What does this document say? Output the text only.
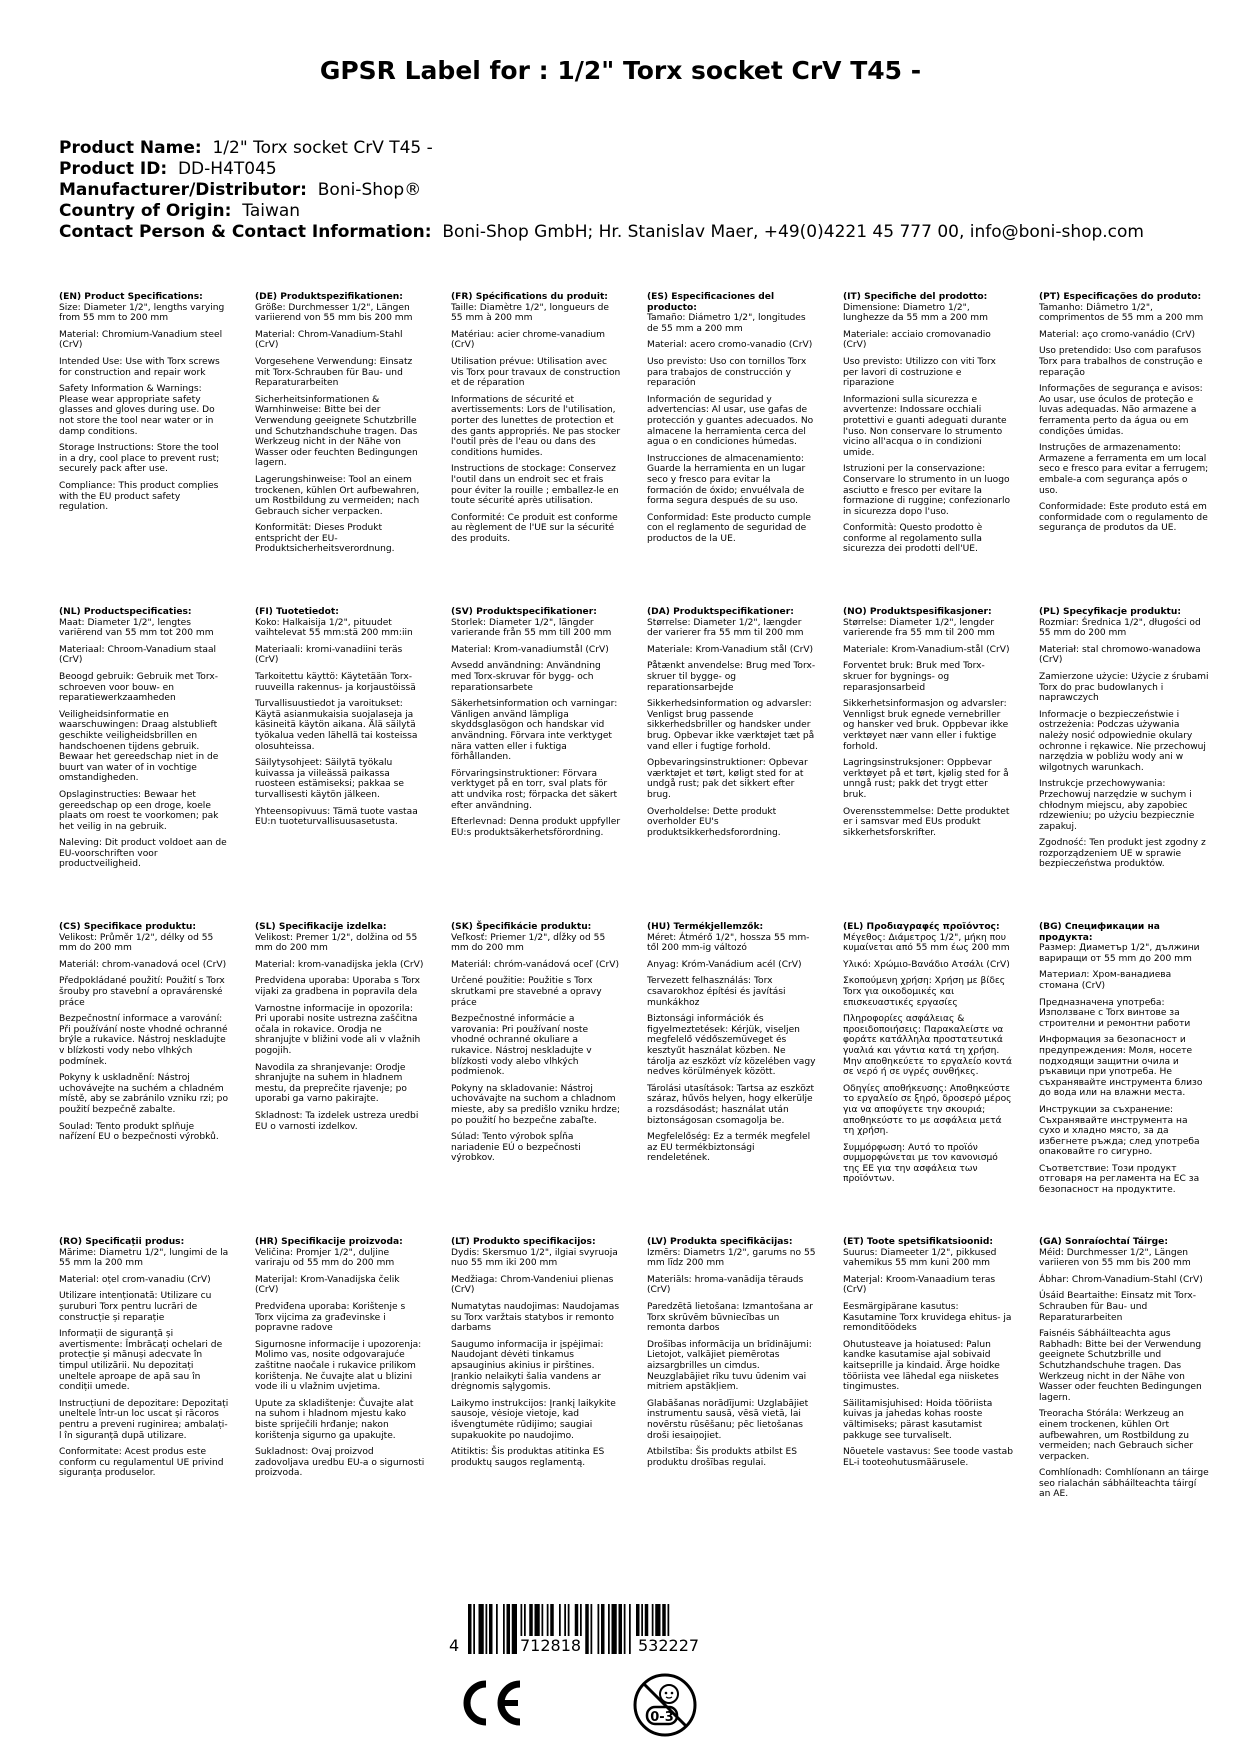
GPSR Label for : 1/2" Torx socket CrV T45 -
Product Name: 1/2" Torx socket CrV T45 -
Product ID: DD-H4T045
Manufacturer/Distributor: Boni-Shop®
Country of Origin: Taiwan
Contact Person & Contact Information: Boni-Shop GmbH; Hr. Stanislav Maer, +49(0)4221 45 777 00, info@boni-shop.com
(EN) Product Specifications:
Size: Diameter 1/2", lengths varying from 55 mm to 200 mm
Material: Chromium-Vanadium steel (CrV)
Intended Use: Use with Torx screws for construction and repair work
Safety Information & Warnings: Please wear appropriate safety glasses and gloves during use. Do not store the tool near water or in damp conditions.
Storage Instructions: Store the tool in a dry, cool place to prevent rust; securely pack after use.
Compliance: This product complies with the EU product safety regulation.
(DE) Produktspezifikationen:
Größe: Durchmesser 1/2", Längen variierend von 55 mm bis 200 mm
Material: Chrom-Vanadium-Stahl (CrV)
Vorgesehene Verwendung: Einsatz mit Torx-Schrauben für Bau- und Reparaturarbeiten
Sicherheitsinformationen & Warnhinweise: Bitte bei der Verwendung geeignete Schutzbrille und Schutzhandschuhe tragen. Das Werkzeug nicht in der Nähe von Wasser oder feuchten Bedingungen lagern.
Lagerungshinweise: Tool an einem trockenen, kühlen Ort aufbewahren, um Rostbildung zu vermeiden; nach Gebrauch sicher verpacken.
Konformität: Dieses Produkt entspricht der EU-Produktsicherheitsverordnung.
(FR) Spécifications du produit:
Taille: Diamètre 1/2", longueurs de 55 mm à 200 mm
Matériau: acier chrome-vanadium (CrV)
Utilisation prévue: Utilisation avec vis Torx pour travaux de construction et de réparation
Informations de sécurité et avertissements: Lors de l'utilisation, porter des lunettes de protection et des gants appropriés. Ne pas stocker l'outil près de l'eau ou dans des conditions humides.
Instructions de stockage: Conservez l'outil dans un endroit sec et frais pour éviter la rouille ; emballez-le en toute sécurité après utilisation.
Conformité: Ce produit est conforme au règlement de l'UE sur la sécurité des produits.
(ES) Especificaciones del producto:
Tamaño: Diámetro 1/2", longitudes de 55 mm a 200 mm
Material: acero cromo-vanadio (CrV)
Uso previsto: Uso con tornillos Torx para trabajos de construcción y reparación
Información de seguridad y advertencias: Al usar, use gafas de protección y guantes adecuados. No almacene la herramienta cerca del agua o en condiciones húmedas.
Instrucciones de almacenamiento: Guarde la herramienta en un lugar seco y fresco para evitar la formación de óxido; envuélvala de forma segura después de su uso.
Conformidad: Este producto cumple con el reglamento de seguridad de productos de la UE.
(IT) Specifiche del prodotto:
Dimensione: Diametro 1/2", lunghezze da 55 mm a 200 mm
Materiale: acciaio cromovanadio (CrV)
Uso previsto: Utilizzo con viti Torx per lavori di costruzione e riparazione
Informazioni sulla sicurezza e avvertenze: Indossare occhiali protettivi e guanti adeguati durante l'uso. Non conservare lo strumento vicino all'acqua o in condizioni umide.
Istruzioni per la conservazione: Conservare lo strumento in un luogo asciutto e fresco per evitare la formazione di ruggine; confezionarlo in sicurezza dopo l'uso.
Conformità: Questo prodotto è conforme al regolamento sulla sicurezza dei prodotti dell'UE.
(PT) Especificações do produto:
Tamanho: Diâmetro 1/2", comprimentos de 55 mm a 200 mm
Material: aço cromo-vanádio (CrV)
Uso pretendido: Uso com parafusos Torx para trabalhos de construção e reparação
Informações de segurança e avisos: Ao usar, use óculos de proteção e luvas adequadas. Não armazene a ferramenta perto da água ou em condições úmidas.
Instruções de armazenamento: Armazene a ferramenta em um local seco e fresco para evitar a ferrugem; embale-a com segurança após o uso.
Conformidade: Este produto está em conformidade com o regulamento de segurança de produtos da UE.
(NL) Productspecificaties:
Maat: Diameter 1/2", lengtes variërend van 55 mm tot 200 mm
Materiaal: Chroom-Vanadium staal (CrV)
Beoogd gebruik: Gebruik met Torx-schroeven voor bouw- en reparatiewerkzaamheden
Veiligheidsinformatie en waarschuwingen: Draag alstublieft geschikte veiligheidsbrillen en handschoenen tijdens gebruik. Bewaar het gereedschap niet in de buurt van water of in vochtige omstandigheden.
Opslaginstructies: Bewaar het gereedschap op een droge, koele plaats om roest te voorkomen; pak het veilig in na gebruik.
Naleving: Dit product voldoet aan de EU-voorschriften voor productveiligheid.
(FI) Tuotetiedot:
Koko: Halkaisija 1/2", pituudet vaihtelevat 55 mm:stä 200 mm:iin
Materiaali: kromi-vanadiini teräs (CrV)
Tarkoitettu käyttö: Käytetään Torx-ruuveilla rakennus- ja korjaustöissä
Turvallisuustiedot ja varoitukset: Käytä asianmukaisia suojalaseja ja käsineitä käytön aikana. Älä säilytä työkalua veden lähellä tai kosteissa olosuhteissa.
Säilytysohjeet: Säilytä työkalu kuivassa ja viileässä paikassa ruosteen estämiseksi; pakkaa se turvallisesti käytön jälkeen.
Yhteensopivuus: Tämä tuote vastaa EU:n tuoteturvallisuusasetusta.
(SV) Produktspecifikationer:
Storlek: Diameter 1/2", längder varierande från 55 mm till 200 mm
Material: Krom-vanadiumstål (CrV)
Avsedd användning: Användning med Torx-skruvar för bygg- och reparationsarbete
Säkerhetsinformation och varningar: Vänligen använd lämpliga skyddsglasögon och handskar vid användning. Förvara inte verktyget nära vatten eller i fuktiga förhållanden.
Förvaringsinstruktioner: Förvara verktyget på en torr, sval plats för att undvika rost; förpacka det säkert efter användning.
Efterlevnad: Denna produkt uppfyller EU:s produktsäkerhetsförordning.
(DA) Produktspecifikationer:
Størrelse: Diameter 1/2", længder der varierer fra 55 mm til 200 mm
Materiale: Krom-Vanadium stål (CrV)
Påtænkt anvendelse: Brug med Torx-skruer til bygge- og reparationsarbejde
Sikkerhedsinformation og advarsler: Venligst brug passende sikkerhedsbriller og handsker under brug. Opbevar ikke værktøjet tæt på vand eller i fugtige forhold.
Opbevaringsinstruktioner: Opbevar værktøjet et tørt, køligt sted for at undgå rust; pak det sikkert efter brug.
Overholdelse: Dette produkt overholder EU's produktsikkerhedsforordning.
(NO) Produktspesifikasjoner:
Størrelse: Diameter 1/2", lengder varierende fra 55 mm til 200 mm
Materiale: Krom-Vanadium-stål (CrV)
Forventet bruk: Bruk med Torx-skruer for bygnings- og reparasjonsarbeid
Sikkerhetsinformasjon og advarsler: Vennligst bruk egnede vernebriller og hansker ved bruk. Oppbevar ikke verktøyet nær vann eller i fuktige forhold.
Lagringsinstruksjoner: Oppbevar verktøyet på et tørt, kjølig sted for å unngå rust; pakk det trygt etter bruk.
Overensstemmelse: Dette produktet er i samsvar med EUs produkt sikkerhetsforskrifter.
(PL) Specyfikacje produktu:
Rozmiar: Średnica 1/2", długości od 55 mm do 200 mm
Materiał: stal chromowo-wanadowa (CrV)
Zamierzone użycie: Użycie z śrubami Torx do prac budowlanych i naprawczych
Informacje o bezpieczeństwie i ostrzeżenia: Podczas używania należy nosić odpowiednie okulary ochronne i rękawice. Nie przechowuj narzędzia w pobliżu wody ani w wilgotnych warunkach.
Instrukcje przechowywania: Przechowuj narzędzie w suchym i chłodnym miejscu, aby zapobiec rdzewieniu; po użyciu bezpiecznie zapakuj.
Zgodność: Ten produkt jest zgodny z rozporządzeniem UE w sprawie bezpieczeństwa produktów.
(CS) Specifikace produktu:
Velikost: Průměr 1/2", délky od 55 mm do 200 mm
Materiál: chrom-vanadová ocel (CrV)
Předpokládané použití: Použití s Torx šrouby pro stavební a opravárenské práce
Bezpečnostní informace a varování: Při používání noste vhodné ochranné brýle a rukavice. Nástroj neskladujte v blízkosti vody nebo vlhkých podmínek.
Pokyny k uskladnění: Nástroj uchovávejte na suchém a chladném místě, aby se zabránilo vzniku rzi; po použití bezpečně zabalte.
Soulad: Tento produkt splňuje nařízení EU o bezpečnosti výrobků.
(SL) Specifikacije izdelka:
Velikost: Premer 1/2", dolžina od 55 mm do 200 mm
Material: krom-vanadijska jekla (CrV)
Predvidena uporaba: Uporaba s Torx vijaki za gradbena in popravila dela
Varnostne informacije in opozorila: Pri uporabi nosite ustrezna zaščitna očala in rokavice. Orodja ne shranjujte v bližini vode ali v vlažnih pogojih.
Navodila za shranjevanje: Orodje shranjujte na suhem in hladnem mestu, da preprečite rjavenje; po uporabi ga varno pakirajte.
Skladnost: Ta izdelek ustreza uredbi EU o varnosti izdelkov.
(SK) Špecifikácie produktu:
Veľkosť: Priemer 1/2", dĺžky od 55 mm do 200 mm
Materiál: chróm-vanádová oceľ (CrV)
Určené použitie: Použitie s Torx skrutkami pre stavebné a opravy práce
Bezpečnostné informácie a varovania: Pri používaní noste vhodné ochranné okuliare a rukavice. Nástroj neskladujte v blízkosti vody alebo vlhkých podmienok.
Pokyny na skladovanie: Nástroj uchovávajte na suchom a chladnom mieste, aby sa predišlo vzniku hrdze; po použití ho bezpečne zabaľte.
Súlad: Tento výrobok spĺňa nariadenie EÚ o bezpečnosti výrobkov.
(HU) Termékjellemzők:
Méret: Átmérő 1/2", hossza 55 mm-től 200 mm-ig változó
Anyag: Króm-Vanádium acél (CrV)
Tervezett felhasználás: Torx csavarokhoz építési és javítási munkákhoz
Biztonsági információk és figyelmeztetések: Kérjük, viseljen megfelelő védőszemüveget és kesztyűt használat közben. Ne tárolja az eszközt víz közelében vagy nedves körülmények között.
Tárolási utasítások: Tartsa az eszközt száraz, hűvös helyen, hogy elkerülje a rozsdásodást; használat után biztonságosan csomagolja be.
Megfelelőség: Ez a termék megfelel az EU termékbiztonsági rendeletének.
(EL) Προδιαγραφές προϊόντος:
Μέγεθος: Διάμετρος 1/2", μήκη που κυμαίνεται από 55 mm έως 200 mm
Υλικό: Χρώμιο-Βανάδιο Ατσάλι (CrV)
Σκοπούμενη χρήση: Χρήση με βίδες Torx για οικοδομικές και επισκευαστικές εργασίες
Πληροφορίες ασφάλειας & προειδοποιήσεις: Παρακαλείστε να φοράτε κατάλληλα προστατευτικά γυαλιά και γάντια κατά τη χρήση. Μην αποθηκεύετε το εργαλείο κοντά σε νερό ή σε υγρές συνθήκες.
Οδηγίες αποθήκευσης: Αποθηκεύστε το εργαλείο σε ξηρό, δροσερό μέρος για να αποφύγετε την σκουριά; αποθηκεύστε το με ασφάλεια μετά τη χρήση.
Συμμόρφωση: Αυτό το προϊόν συμμορφώνεται με τον κανονισμό της ΕΕ για την ασφάλεια των προϊόντων.
(BG) Спецификации на продукта:
Размер: Диаметър 1/2", дължини вариращи от 55 mm до 200 mm
Материал: Хром-ванадиева стомана (CrV)
Предназначена употреба: Използване с Torx винтове за строителни и ремонтни работи
Информация за безопасност и предупреждения: Моля, носете подходящи защитни очила и ръкавици при употреба. Не съхранявайте инструмента близо до вода или на влажни места.
Инструкции за съхранение: Съхранявайте инструмента на сухо и хладно място, за да избегнете ръжда; след употреба опаковайте го сигурно.
Съответствие: Този продукт отговаря на регламента на ЕС за безопасност на продуктите.
(RO) Specificații produs:
Mărime: Diametru 1/2", lungimi de la 55 mm la 200 mm
Material: oțel crom-vanadiu (CrV)
Utilizare intenționată: Utilizare cu șuruburi Torx pentru lucrări de construcție și reparație
Informații de siguranță și avertismente: Îmbrăcați ochelari de protecție și mănuși adecvate în timpul utilizării. Nu depozitați uneltele aproape de apă sau în condiții umede.
Instrucțiuni de depozitare: Depozitați uneltele într-un loc uscat și răcoros pentru a preveni ruginirea; ambalați-l în siguranță după utilizare.
Conformitate: Acest produs este conform cu regulamentul UE privind siguranța produselor.
(HR) Specifikacije proizvoda:
Veličina: Promjer 1/2", duljine variraju od 55 mm do 200 mm
Materijal: Krom-Vanadijska čelik (CrV)
Predviđena uporaba: Korištenje s Torx vijcima za građevinske i popravne radove
Sigurnosne informacije i upozorenja: Molimo vas, nosite odgovarajuće zaštitne naočale i rukavice prilikom korištenja. Ne čuvajte alat u blizini vode ili u vlažnim uvjetima.
Upute za skladištenje: Čuvajte alat na suhom i hladnom mjestu kako biste spriječili hrđanje; nakon korištenja sigurno ga upakujte.
Sukladnost: Ovaj proizvod zadovoljava uredbu EU-a o sigurnosti proizvoda.
(LT) Produkto specifikacijos:
Dydis: Skersmuo 1/2", ilgiai svyruoja nuo 55 mm iki 200 mm
Medžiaga: Chrom-Vandeniui plienas (CrV)
Numatytas naudojimas: Naudojamas su Torx varžtais statybos ir remonto darbams
Saugumo informacija ir įspėjimai: Naudojant dėvėti tinkamus apsauginius akinius ir pirštines. Įrankio nelaikyti šalia vandens ar drėgnomis sąlygomis.
Laikymo instrukcijos: Įrankį laikykite sausoje, vėsioje vietoje, kad išvengtumėte rūdijimo; saugiai supakuokite po naudojimo.
Atitiktis: Šis produktas atitinka ES produktų saugos reglamentą.
(LV) Produkta specifikācijas:
Izmērs: Diametrs 1/2", garums no 55 mm līdz 200 mm
Materiāls: hroma-vanādija tērauds (CrV)
Paredzētā lietošana: Izmantošana ar Torx skrūvēm būvniecības un remonta darbos
Drošības informācija un brīdinājumi: Lietojot, valkājiet piemērotas aizsargbrilles un cimdus. Neuzglabājiet rīku tuvu ūdenim vai mitriem apstākļiem.
Glabāšanas norādījumi: Uzglabājiet instrumentu sausā, vēsā vietā, lai novērstu rūsēšanu; pēc lietošanas droši iesaiņojiet.
Atbilstība: Šis produkts atbilst ES produktu drošības regulai.
(ET) Toote spetsifikatsioonid:
Suurus: Diameeter 1/2", pikkused vahemikus 55 mm kuni 200 mm
Materjal: Kroom-Vanaadium teras (CrV)
Eesmärgipärane kasutus: Kasutamine Torx kruvidega ehitus- ja remonditöödeks
Ohutusteave ja hoiatused: Palun kandke kasutamise ajal sobivaid kaitseprille ja kindaid. Ärge hoidke tööriista vee lähedal ega niisketes tingimustes.
Säilitamisjuhised: Hoida tööriista kuivas ja jahedas kohas rooste vältimiseks; pärast kasutamist pakkuge see turvaliselt.
Nõuetele vastavus: See toode vastab EL-i tooteohutusmäärusele.
(GA) Sonraíochtaí Táirge:
Méid: Durchmesser 1/2", Längen variieren von 55 mm bis 200 mm
Ábhar: Chrom-Vanadium-Stahl (CrV)
Úsáid Beartaithe: Einsatz mit Torx-Schrauben für Bau- und Reparaturarbeiten
Faisnéis Sábháilteachta agus Rabhadh: Bitte bei der Verwendung geeignete Schutzbrille und Schutzhandschuhe tragen. Das Werkzeug nicht in der Nähe von Wasser oder feuchten Bedingungen lagern.
Treoracha Stórála: Werkzeug an einem trockenen, kühlen Ort aufbewahren, um Rostbildung zu vermeiden; nach Gebrauch sicher verpacken.
Comhlíonadh: Comhlíonann an táirge seo rialachán sábháilteachta táirgí an AE.
4	712818	532227
0-3
